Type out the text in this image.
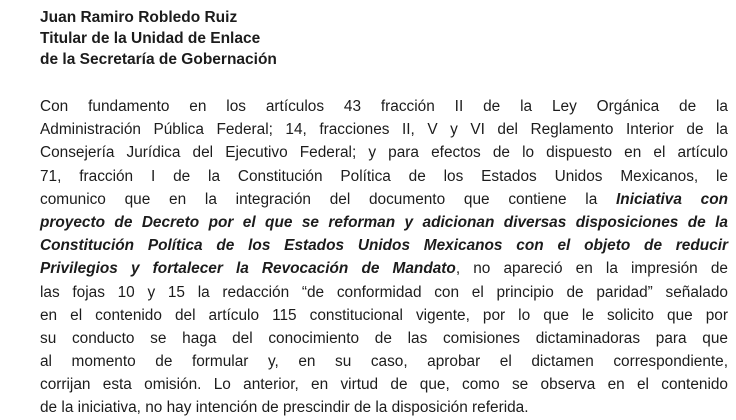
Juan Ramiro Robledo Ruiz
Titular de la Unidad de Enlace
de la Secretaría de Gobernación
Con fundamento en los artículos 43 fracción II de la Ley Orgánica de la
Administración Pública Federal; 14, fracciones II, V y VI del Reglamento Interior de la
Consejería Jurídica del Ejecutivo Federal; y para efectos de lo dispuesto en el artículo
71, fracción I de la Constitución Política de los Estados Unidos Mexicanos, le
comunico que en la integración del documento que contiene la Iniciativa con
proyecto de Decreto por el que se reforman y adicionan diversas disposiciones de la
Constitución Política de los Estados Unidos Mexicanos con el objeto de reducir
Privilegios y fortalecer la Revocación de Mandato, no apareció en la impresión de
las fojas 10 y 15 la redacción “de conformidad con el principio de paridad” señalado
en el contenido del artículo 115 constitucional vigente, por lo que le solicito que por
su conducto se haga del conocimiento de las comisiones dictaminadoras para que
al momento de formular y, en su caso, aprobar el dictamen correspondiente,
corrijan esta omisión. Lo anterior, en virtud de que, como se observa en el contenido
de la iniciativa, no hay intención de prescindir de la disposición referida.
